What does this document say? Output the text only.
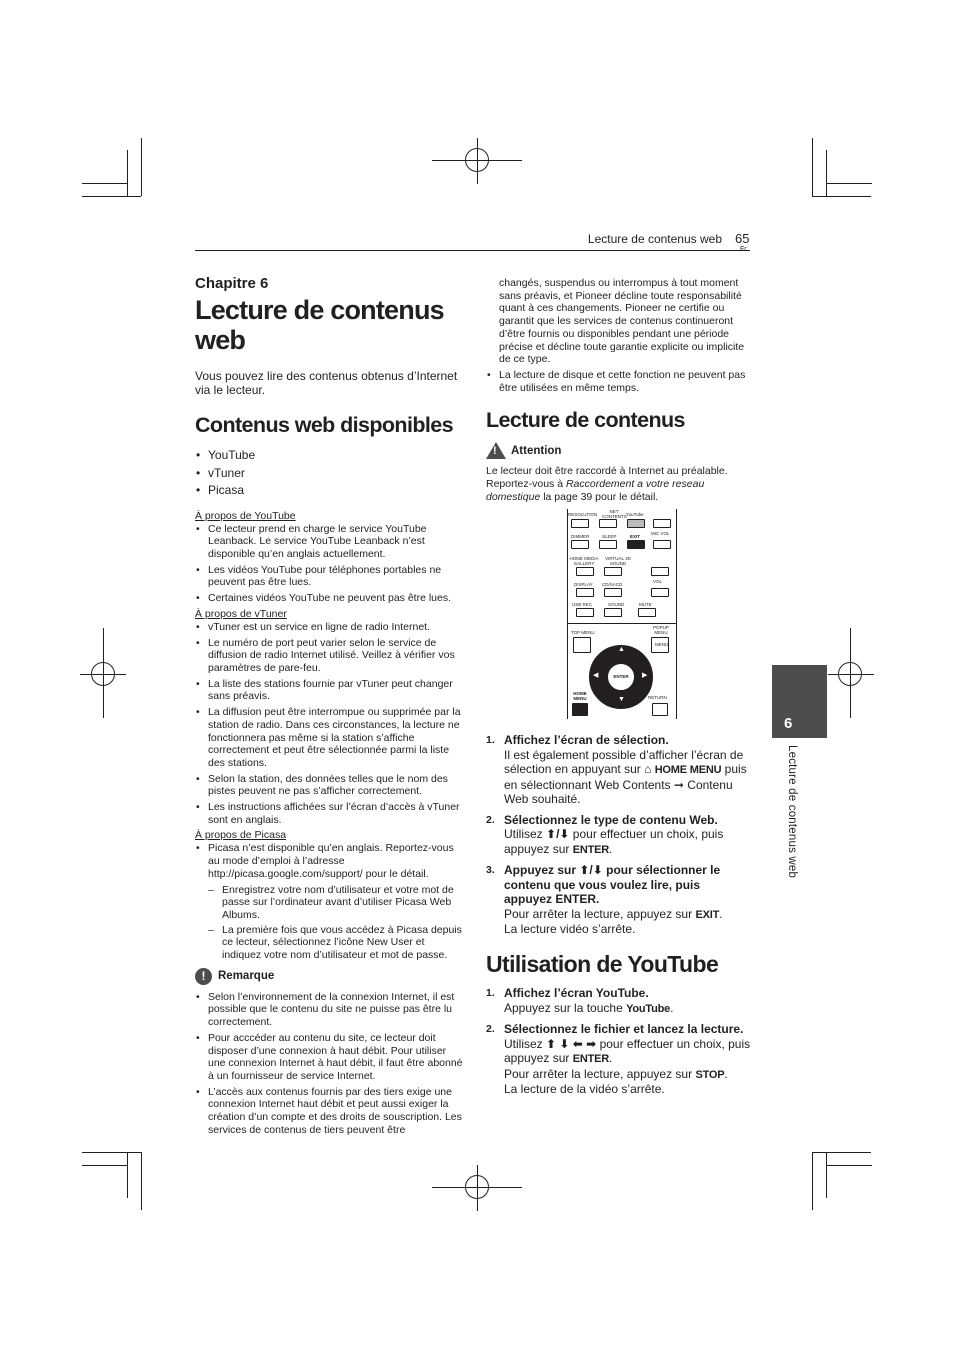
Lecture de contenus web 65
Fr
6
Lecture de contenus web

Chapitre 6

Lecture de contenus web

Vous pouvez lire des contenus obtenus d’Internet via le lecteur.

Contenus web disponibles
• YouTube
• vTuner
• Picasa

À propos de YouTube

• Ce lecteur prend en charge le service YouTube Leanback. Le service YouTube Leanback n’est disponible qu’en anglais actuellement.
• Les vidéos YouTube pour téléphones portables ne peuvent pas être lues.
• Certaines vidéos YouTube ne peuvent pas être lues.

À propos de vTuner

• vTuner est un service en ligne de radio Internet.
• Le numéro de port peut varier selon le service de diffusion de radio Internet utilisé. Veillez à vérifier vos paramètres de pare-feu.
• La liste des stations fournie par vTuner peut changer sans préavis.
• La diffusion peut être interrompue ou supprimée par la station de radio. Dans ces circonstances, la lecture ne fonctionnera pas même si la station s’affiche correctement et peut être sélectionnée parmi la liste des stations.
• Selon la station, des données telles que le nom des pistes peuvent ne pas s’afficher correctement.
• Les instructions affichées sur l’écran d’accès à vTuner sont en anglais.

À propos de Picasa

• Picasa n’est disponible qu’en anglais. Reportez-vous au mode d’emploi à l’adresse http://picasa.google.com/support/ pour le détail.
– Enregistrez votre nom d’utilisateur et votre mot de passe sur l’ordinateur avant d’utiliser Picasa Web Albums.
– La première fois que vous accédez à Picasa depuis ce lecteur, sélectionnez l’icône New User et indiquez votre nom d’utilisateur et mot de passe.
!	Remarque
• Selon l’environnement de la connexion Internet, il est possible que le contenu du site ne puisse pas être lu correctement.
• Pour acccéder au contenu du site, ce lecteur doit disposer d’une connexion à haut débit. Pour utiliser une connexion Internet à haut débit, il faut être abonné à un fournisseur de service Internet.
• L’accès aux contenus fournis par des tiers exige une connexion Internet haut débit et peut aussi exiger la création d’un compte et des droits de souscription. Les services de contenus de tiers peuvent être

changés, suspendus ou interrompus à tout moment sans préavis, et Pioneer décline toute responsabilité quant à ces changements. Pioneer ne certifie ou garantit que les services de contenus continueront d’être fournis ou disponibles pendant une période précise et décline toute garantie explicite ou implicite de ce type.

• La lecture de disque et cette fonction ne peuvent pas être utilisées en même temps.
Lecture de contenus
! Attention

Le lecteur doit être raccordé à Internet au préalable. Reportez-vous à Raccordement a votre reseau domestique la page 39 pour le détail.

RESOLUTION
NET CONTENTS YouTube
DIMMER	SLEEP	EXIT
MIC VOL
HOME MEDIA GALLERY
VIRTUAL 3D SOUND
DISPLAY CD/SACD
VOL
USB REC	SOUND	MUTE
TOP MENU
POPUP MENU
MENU
ENTER
▲
▼
◀	▶
HOME MENU	RETURN
1. Affichez l’écran de sélection.
Il est également possible d’afficher l’écran de sélection en appuyant sur ⌂ HOME MENU puis en sélectionnant Web Contents ➞ Contenu Web souhaité.
2. Sélectionnez le type de contenu Web.
Utilisez ⬆/⬇ pour effectuer un choix, puis appuyez sur ENTER.
3. Appuyez sur ⬆/⬇ pour sélectionner le contenu que vous voulez lire, puis appuyez ENTER.
Pour arrêter la lecture, appuyez sur EXIT.
La lecture vidéo s’arrête.
Utilisation de YouTube
1. Affichez l’écran YouTube.
Appuyez sur la touche YouTube.
2. Sélectionnez le fichier et lancez la lecture.
Utilisez ⬆ ⬇ ⬅ ➡ pour effectuer un choix, puis appuyez sur ENTER.
Pour arrêter la lecture, appuyez sur STOP.
La lecture de la vidéo s’arrête.
